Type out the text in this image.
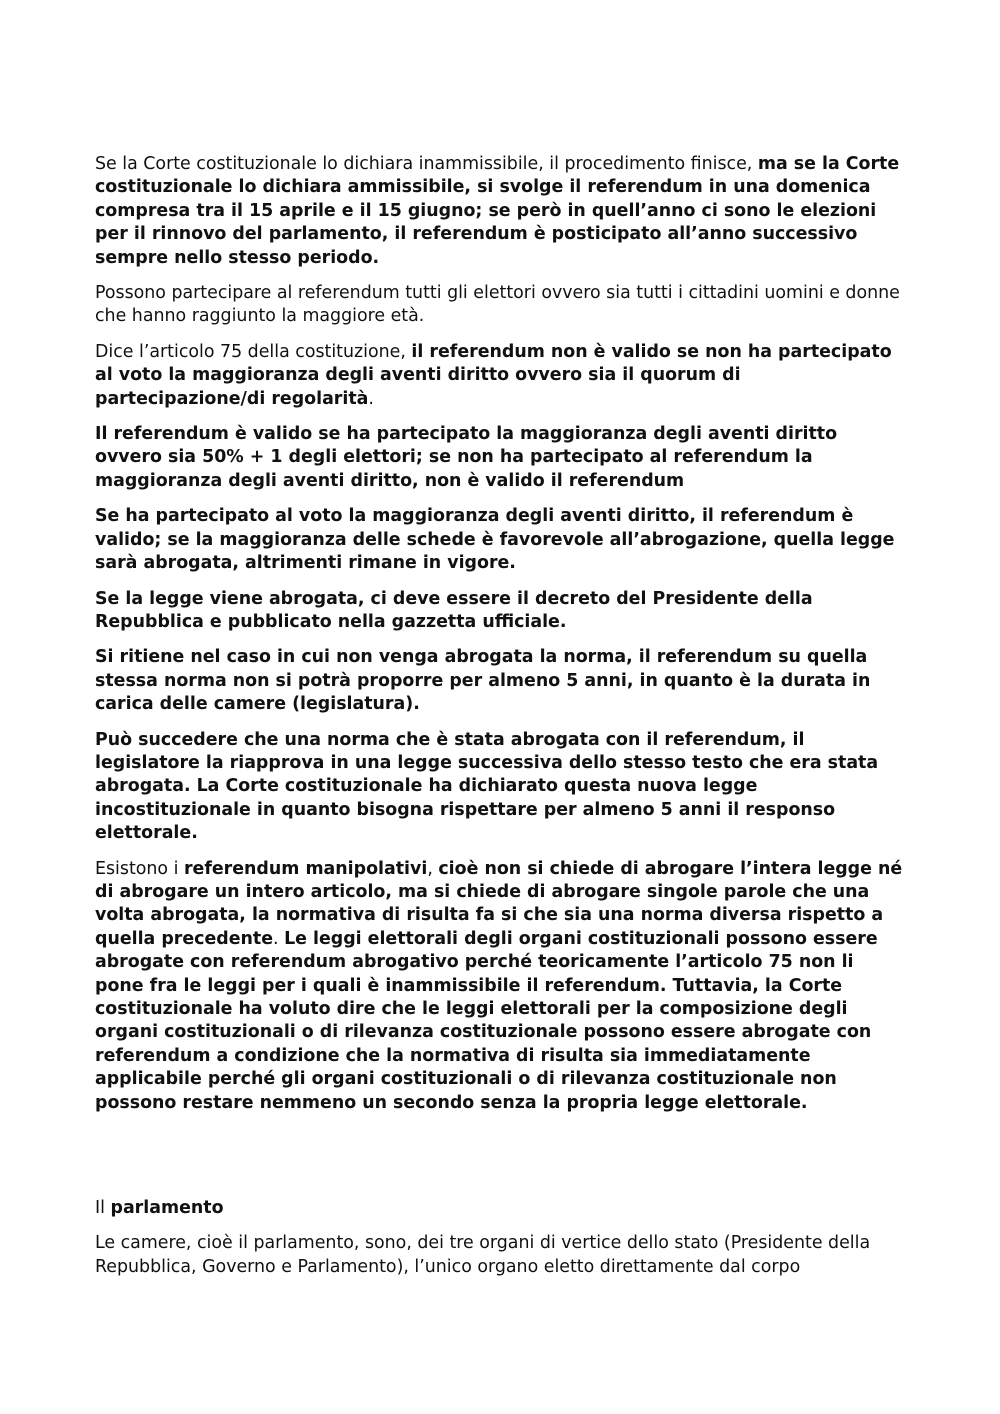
Se la Corte costituzionale lo dichiara inammissibile, il procedimento finisce, ma se la Corte costituzionale lo dichiara ammissibile, si svolge il referendum in una domenica compresa tra il 15 aprile e il 15 giugno; se però in quell’anno ci sono le elezioni per il rinnovo del parlamento, il referendum è posticipato all’anno successivo sempre nello stesso periodo.

Possono partecipare al referendum tutti gli elettori ovvero sia tutti i cittadini uomini e donne che hanno raggiunto la maggiore età.

Dice l’articolo 75 della costituzione, il referendum non è valido se non ha partecipato al voto la maggioranza degli aventi diritto ovvero sia il quorum di partecipazione/di regolarità.

Il referendum è valido se ha partecipato la maggioranza degli aventi diritto ovvero sia 50% + 1 degli elettori; se non ha partecipato al referendum la maggioranza degli aventi diritto, non è valido il referendum

Se ha partecipato al voto la maggioranza degli aventi diritto, il referendum è valido; se la maggioranza delle schede è favorevole all’abrogazione, quella legge sarà abrogata, altrimenti rimane in vigore.

Se la legge viene abrogata, ci deve essere il decreto del Presidente della Repubblica e pubblicato nella gazzetta ufficiale.

Si ritiene nel caso in cui non venga abrogata la norma, il referendum su quella stessa norma non si potrà proporre per almeno 5 anni, in quanto è la durata in carica delle camere (legislatura).

Può succedere che una norma che è stata abrogata con il referendum, il legislatore la riapprova in una legge successiva dello stesso testo che era stata abrogata. La Corte costituzionale ha dichiarato questa nuova legge incostituzionale in quanto bisogna rispettare per almeno 5 anni il responso elettorale.

Esistono i referendum manipolativi, cioè non si chiede di abrogare l’intera legge né di abrogare un intero articolo, ma si chiede di abrogare singole parole che una volta abrogata, la normativa di risulta fa si che sia una norma diversa rispetto a quella precedente. Le leggi elettorali degli organi costituzionali possono essere abrogate con referendum abrogativo perché teoricamente l’articolo 75 non li pone fra le leggi per i quali è inammissibile il referendum. Tuttavia, la Corte costituzionale ha voluto dire che le leggi elettorali per la composizione degli organi costituzionali o di rilevanza costituzionale possono essere abrogate con referendum a condizione che la normativa di risulta sia immediatamente applicabile perché gli organi costituzionali o di rilevanza costituzionale non possono restare nemmeno un secondo senza la propria legge elettorale.

Il parlamento

Le camere, cioè il parlamento, sono, dei tre organi di vertice dello stato (Presidente della Repubblica, Governo e Parlamento), l’unico organo eletto direttamente dal corpo
